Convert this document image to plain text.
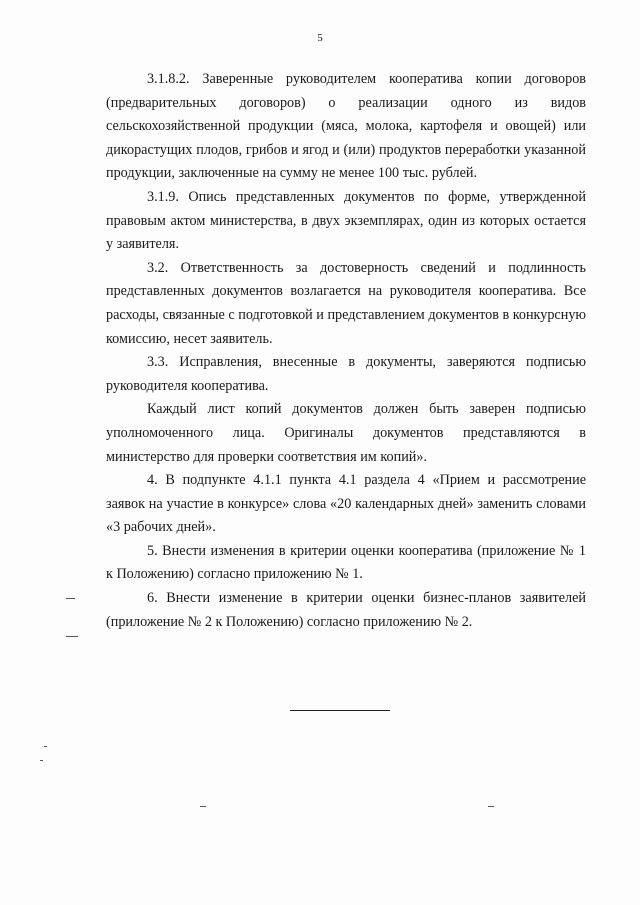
5

3.1.8.2. Заверенные руководителем кооператива копии договоров (предварительных договоров) о реализации одного из видов сельскохозяйственной продукции (мяса, молока, картофеля и овощей) или дикорастущих плодов, грибов и ягод и (или) продуктов переработки указанной продукции, заключенные на сумму не менее 100 тыс. рублей.

3.1.9. Опись представленных документов по форме, утвержденной правовым актом министерства, в двух экземплярах, один из которых остается у заявителя.

3.2. Ответственность за достоверность сведений и подлинность представленных документов возлагается на руководителя кооператива. Все расходы, связанные с подготовкой и представлением документов в конкурсную комиссию, несет заявитель.

3.3. Исправления, внесенные в документы, заверяются подписью руководителя кооператива.

Каждый лист копий документов должен быть заверен подписью уполномоченного лица. Оригиналы документов представляются в министерство для проверки соответствия им копий».

4. В подпункте 4.1.1 пункта 4.1 раздела 4 «Прием и рассмотрение заявок на участие в конкурсе» слова «20 календарных дней» заменить словами «3 рабочих дней».

5. Внести изменения в критерии оценки кооператива (приложение № 1 к Положению) согласно приложению № 1.

6. Внести изменение в критерии оценки бизнес-планов заявителей (приложение № 2 к Положению) согласно приложению № 2.
